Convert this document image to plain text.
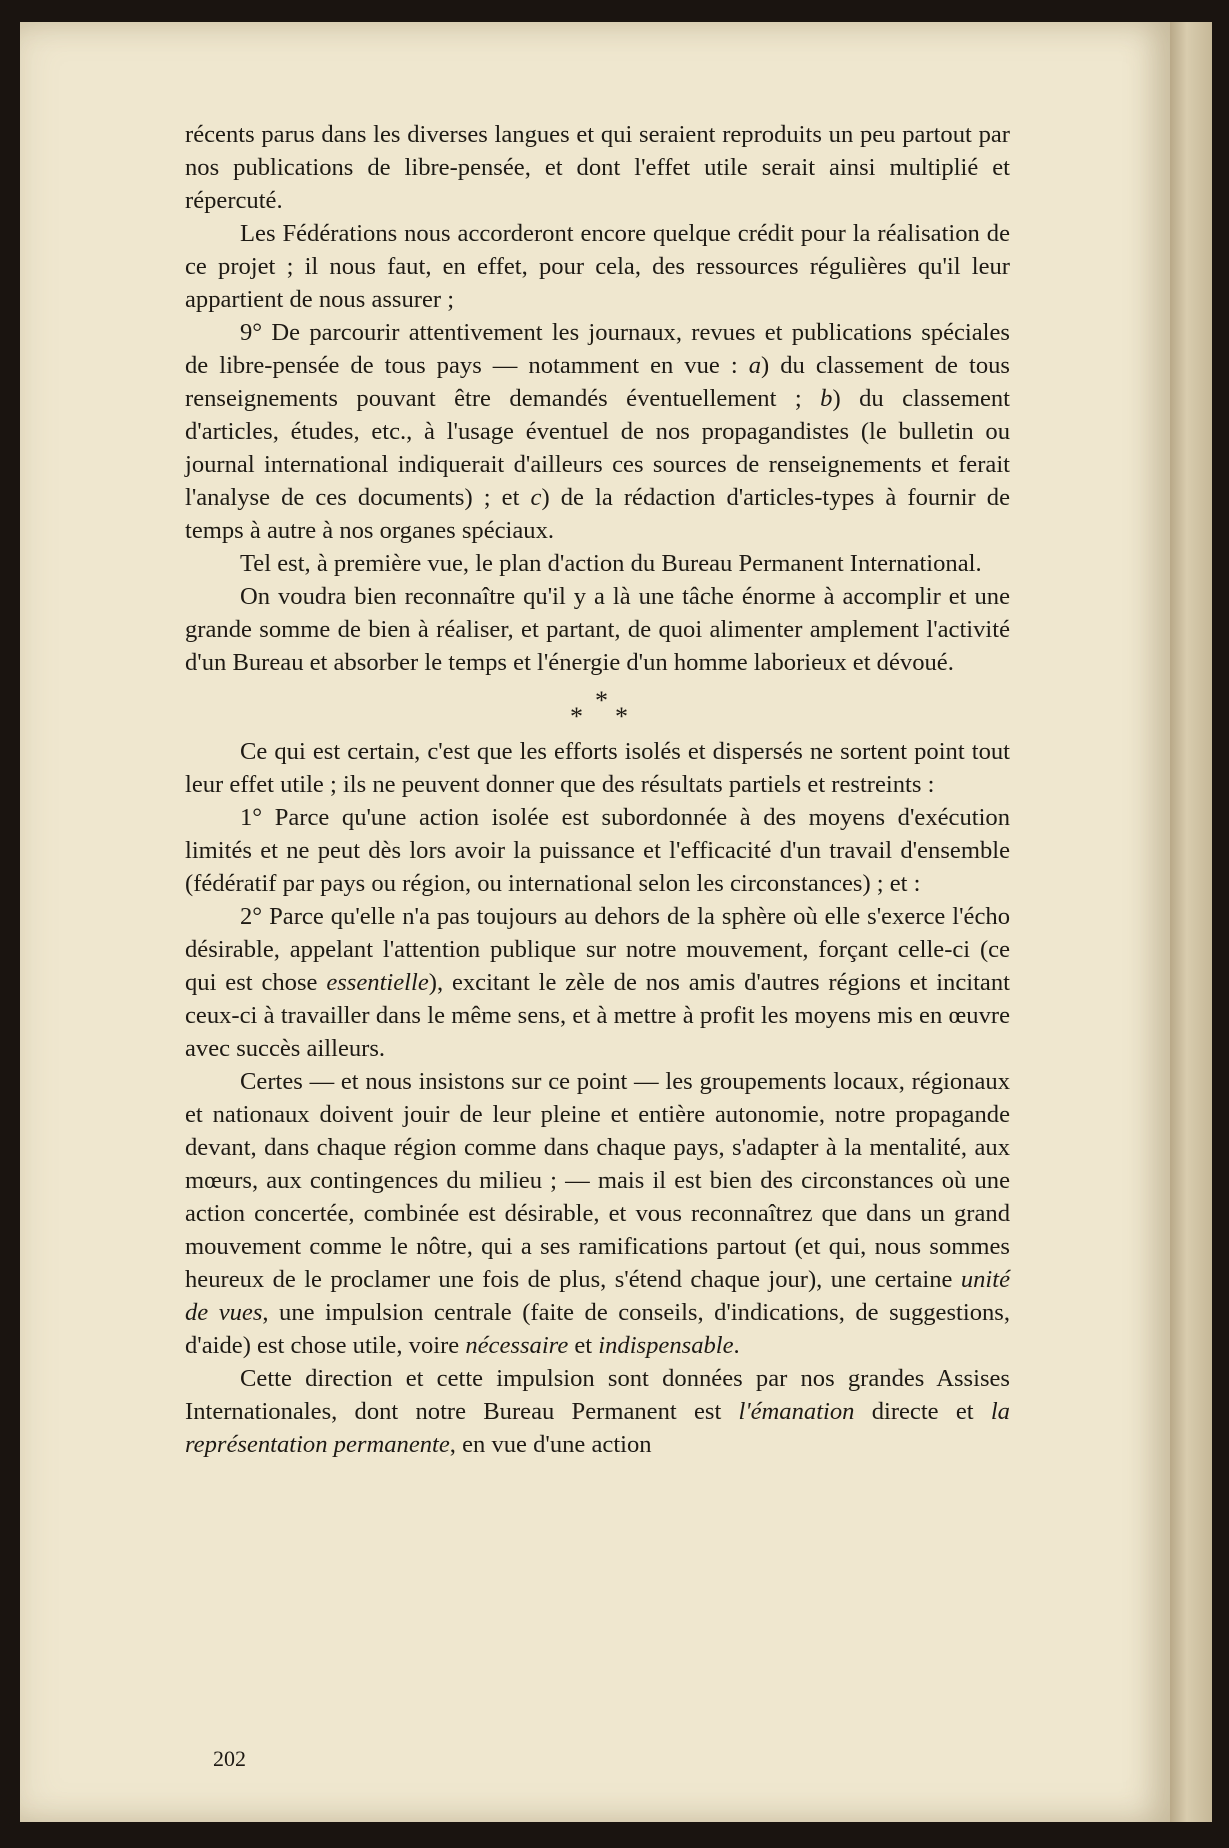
récents parus dans les diverses langues et qui seraient reproduits un peu partout par nos publications de libre-pensée, et dont l'effet utile serait ainsi multiplié et répercuté.

Les Fédérations nous accorderont encore quelque crédit pour la réalisation de ce projet ; il nous faut, en effet, pour cela, des ressources régulières qu'il leur appartient de nous assurer ;

9° De parcourir attentivement les journaux, revues et publications spéciales de libre-pensée de tous pays — notamment en vue : a) du classement de tous renseignements pouvant être demandés éventuellement ; b) du classement d'articles, études, etc., à l'usage éventuel de nos propagandistes (le bulletin ou journal international indiquerait d'ailleurs ces sources de renseignements et ferait l'analyse de ces documents) ; et c) de la rédaction d'articles-types à fournir de temps à autre à nos organes spéciaux.

Tel est, à première vue, le plan d'action du Bureau Permanent International.

On voudra bien reconnaître qu'il y a là une tâche énorme à accomplir et une grande somme de bien à réaliser, et partant, de quoi alimenter amplement l'activité d'un Bureau et absorber le temps et l'énergie d'un homme laborieux et dévoué.

*
* *

Ce qui est certain, c'est que les efforts isolés et dispersés ne sortent point tout leur effet utile ; ils ne peuvent donner que des résultats partiels et restreints :

1° Parce qu'une action isolée est subordonnée à des moyens d'exécution limités et ne peut dès lors avoir la puissance et l'efficacité d'un travail d'ensemble (fédératif par pays ou région, ou international selon les circonstances) ; et :

2° Parce qu'elle n'a pas toujours au dehors de la sphère où elle s'exerce l'écho désirable, appelant l'attention publique sur notre mouvement, forçant celle-ci (ce qui est chose essentielle), excitant le zèle de nos amis d'autres régions et incitant ceux-ci à travailler dans le même sens, et à mettre à profit les moyens mis en œuvre avec succès ailleurs.

Certes — et nous insistons sur ce point — les groupements locaux, régionaux et nationaux doivent jouir de leur pleine et entière autonomie, notre propagande devant, dans chaque région comme dans chaque pays, s'adapter à la mentalité, aux mœurs, aux contingences du milieu ; — mais il est bien des circonstances où une action concertée, combinée est désirable, et vous reconnaîtrez que dans un grand mouvement comme le nôtre, qui a ses ramifications partout (et qui, nous sommes heureux de le proclamer une fois de plus, s'étend chaque jour), une certaine unité de vues, une impulsion centrale (faite de conseils, d'indications, de suggestions, d'aide) est chose utile, voire nécessaire et indispensable.

Cette direction et cette impulsion sont données par nos grandes Assises Internationales, dont notre Bureau Permanent est l'émanation directe et la représentation permanente, en vue d'une action

202
